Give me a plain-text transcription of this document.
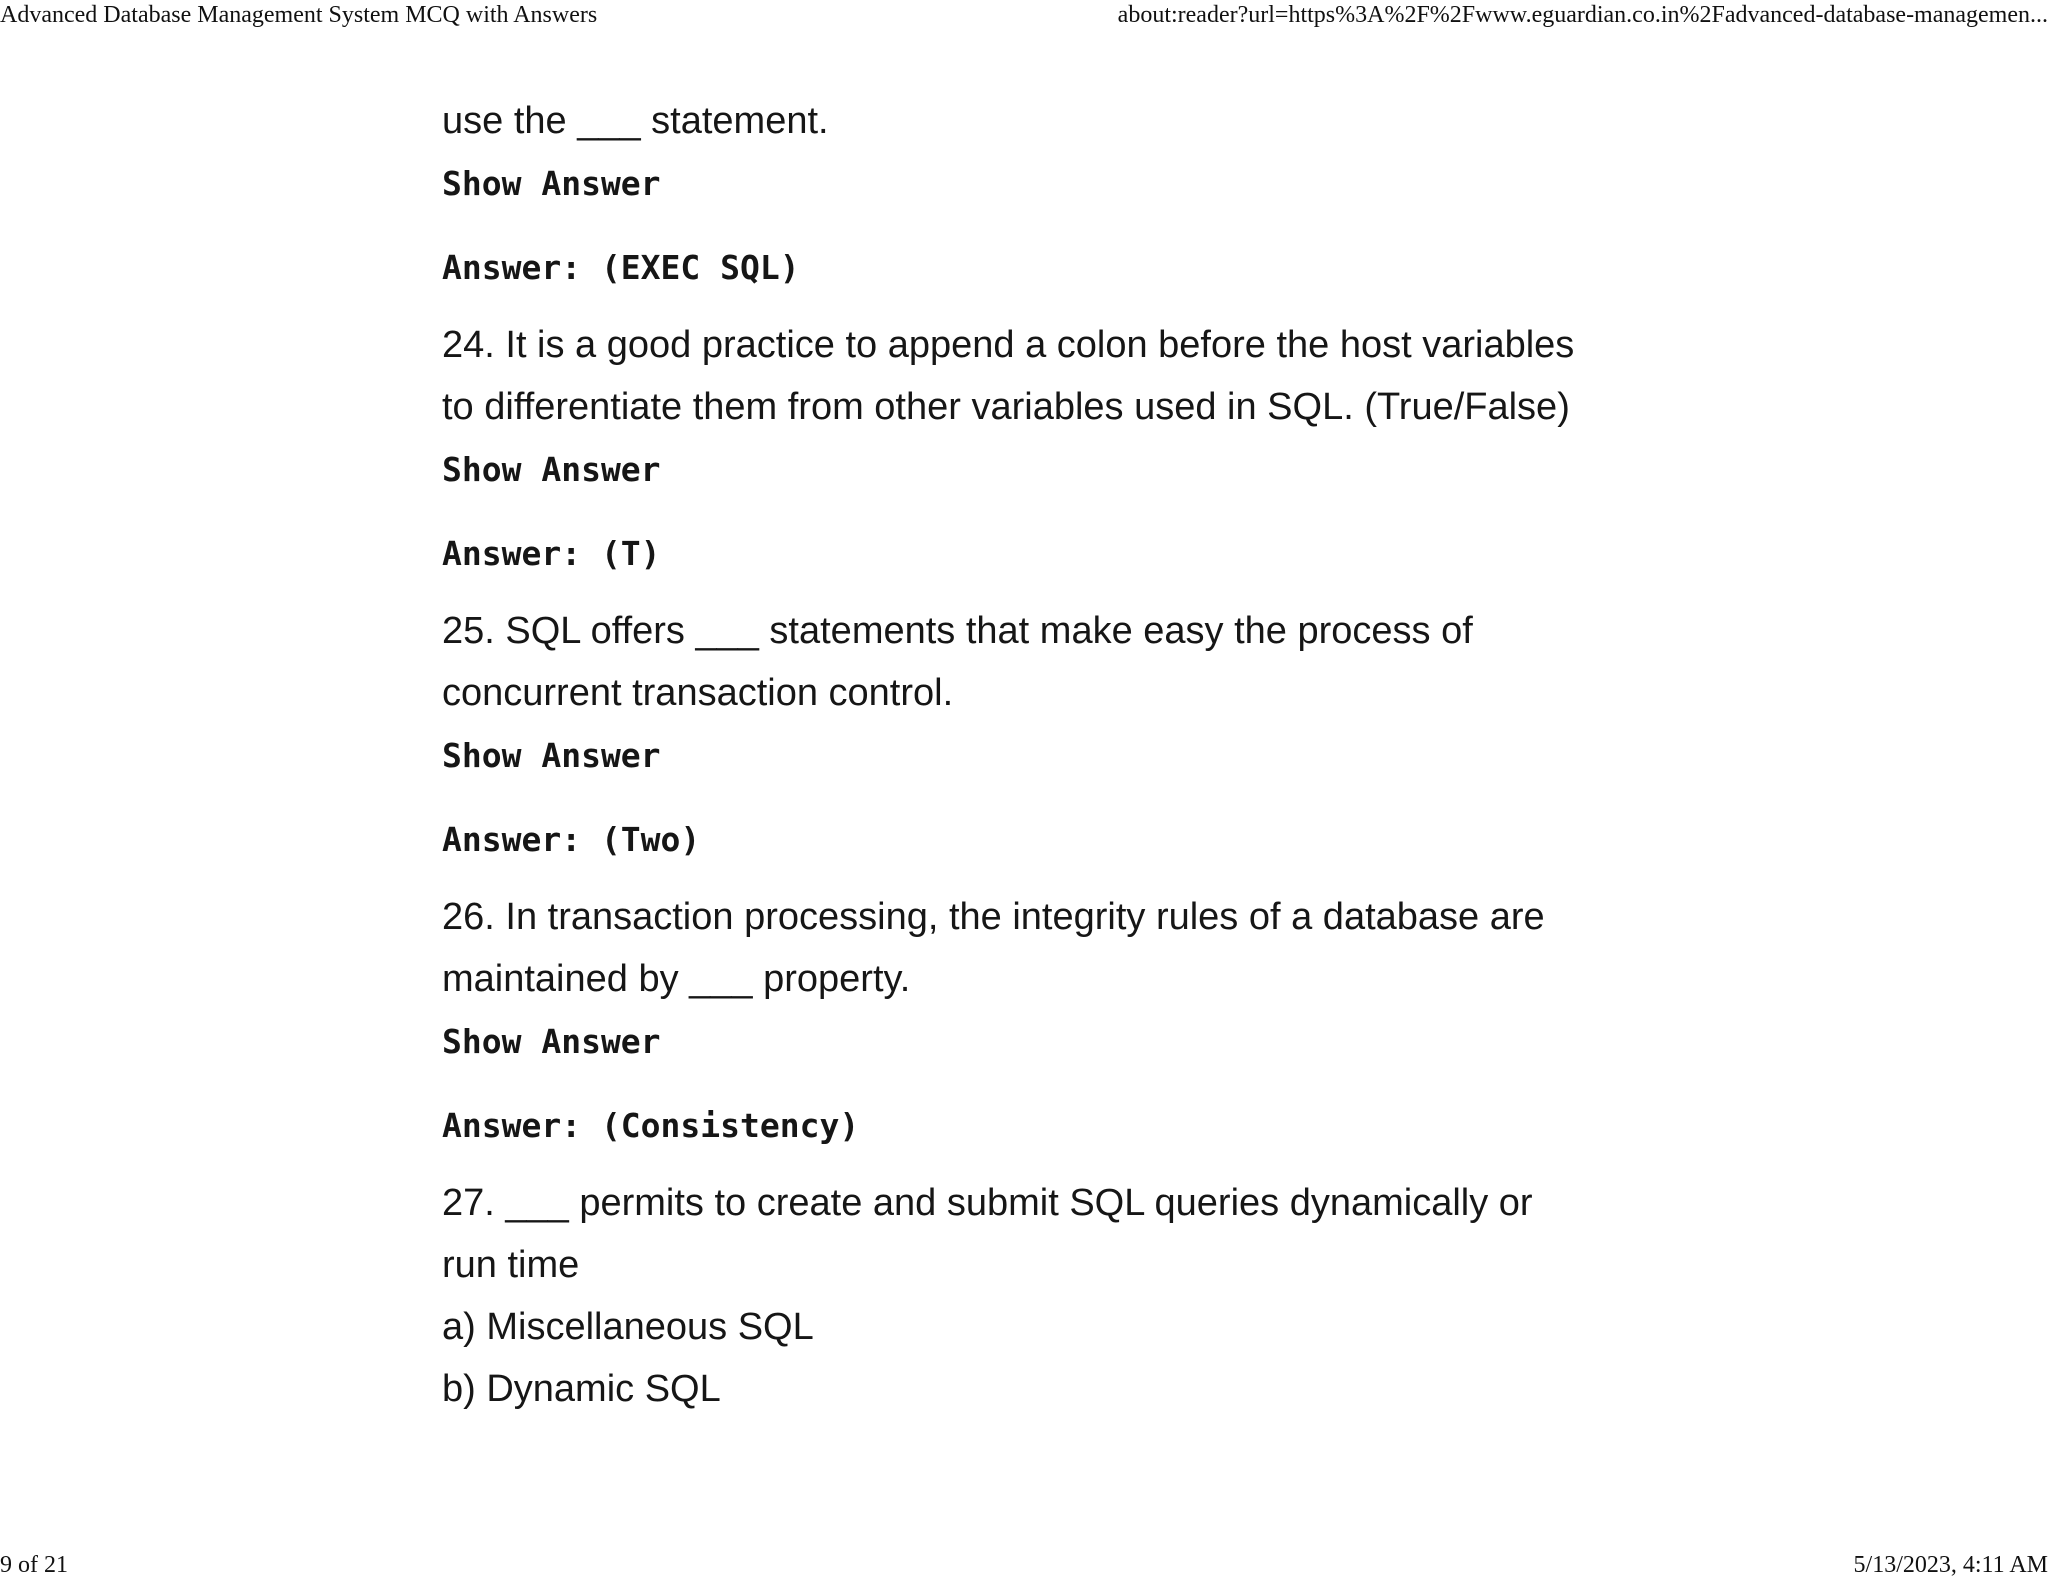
Advanced Database Management System MCQ with Answers	about:reader?url=https%3A%2F%2Fwww.eguardian.co.in%2Fadvanced-database-managemen...

use the ___ statement.

Show Answer
Answer: (EXEC SQL)

24. It is a good practice to append a colon before the host variables

to differentiate them from other variables used in SQL. (True/False)

Show Answer
Answer: (T)

25. SQL offers ___ statements that make easy the process of

concurrent transaction control.

Show Answer
Answer: (Two)

26. In transaction processing, the integrity rules of a database are

maintained by ___ property.

Show Answer
Answer: (Consistency)

27. ___ permits to create and submit SQL queries dynamically or

run time

a) Miscellaneous SQL

b) Dynamic SQL

9 of 21	5/13/2023, 4:11 AM
